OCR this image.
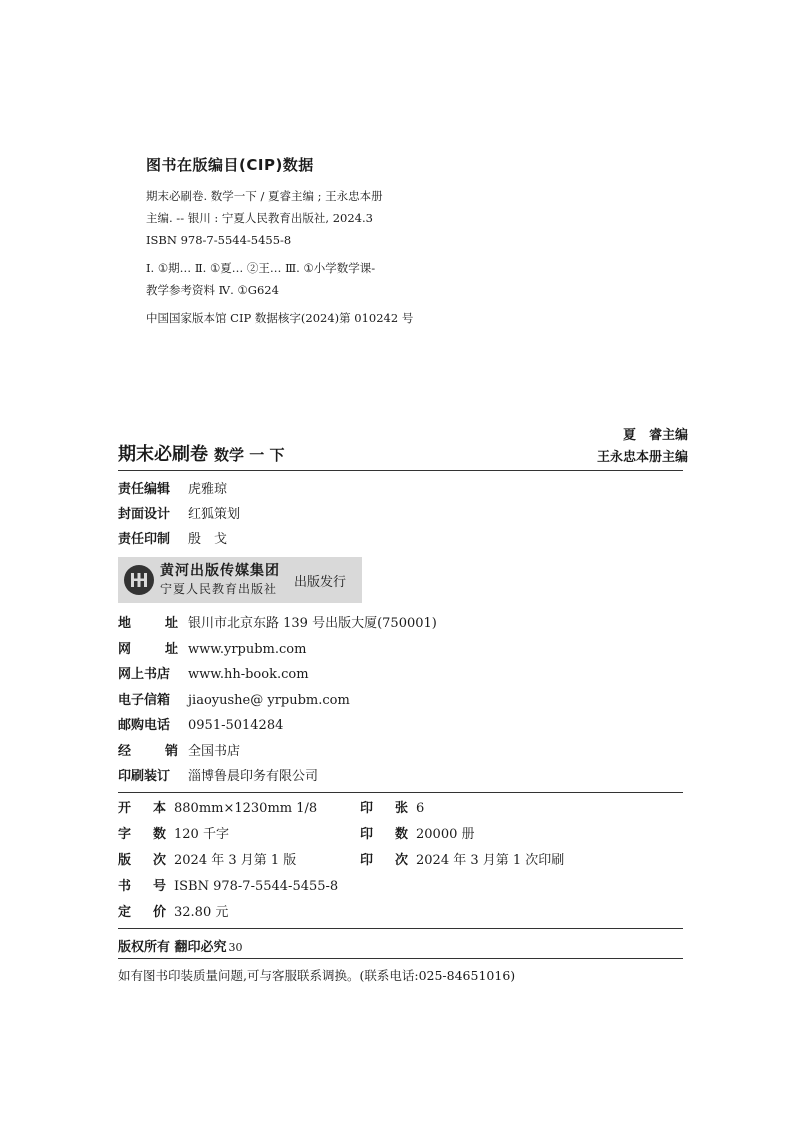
图书在版编目(CIP)数据
期末必刷卷. 数学一下 / 夏睿主编 ; 王永忠本册
主编. -- 银川 : 宁夏人民教育出版社, 2024.3
ISBN 978-7-5544-5455-8
Ⅰ. ①期… Ⅱ. ①夏… ②王… Ⅲ. ①小学数学课-
教学参考资料 Ⅳ. ①G624
中国国家版本馆 CIP 数据核字(2024)第 010242 号
期末必刷卷 数学 一 下
夏　睿主编
王永忠本册主编
责任编辑	虎雅琼
封面设计	红狐策划
责任印制	殷　戈
黄河出版传媒集团
宁夏人民教育出版社 出版发行
地	址 银川市北京东路 139 号出版大厦(750001)
网	址 www.yrpubm.com
网上书店 www.hh-book.com
电子信箱 jiaoyushe@ yrpubm.com
邮购电话 0951-5014284
经	销 全国书店
印刷装订 淄博鲁晨印务有限公司
开 本 880mm×1230mm 1/8	印 张 6
字 数 120 千字	印 数 20000 册
版 次 2024 年 3 月第 1 版	印 次 2024 年 3 月第 1 次印刷
书 号 ISBN 978-7-5544-5455-8
定 价 32.80 元
版权所有 翻印必究 30
如有图书印装质量问题,可与客服联系调换。(联系电话:025-84651016)
